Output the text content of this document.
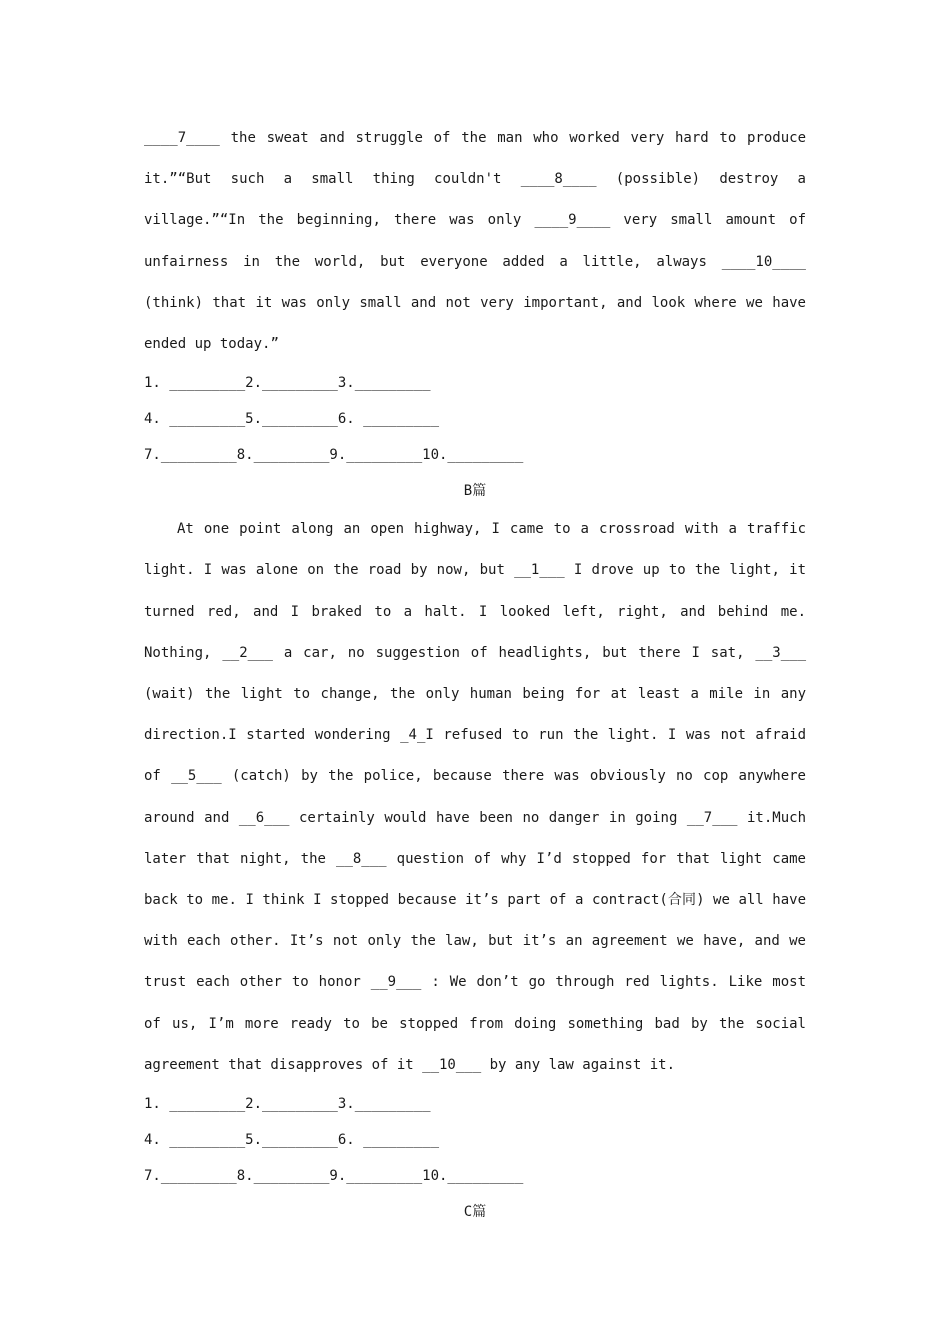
____7____ the sweat and struggle of the man who worked very hard to produce it.”“But such a small thing couldn't ____8____ (possible) destroy a village.”“In the beginning, there was only ____9____ very small amount of unfairness in the world, but everyone added a little, always ____10____ (think) that it was only small and not very important, and look where we have ended up today.”

1. _________2._________3._________

4. _________5._________6. _________

7._________8._________9._________10._________

B篇

At one point along an open highway, I came to a crossroad with a traffic light. I was alone on the road by now, but __1___ I drove up to the light, it turned red, and I braked to a halt. I looked left, right, and behind me. Nothing, __2___ a car, no suggestion of headlights, but there I sat, __3___ (wait) the light to change, the only human being for at least a mile in any direction.I started wondering _4_I refused to run the light. I was not afraid of __5___ (catch) by the police, because there was obviously no cop anywhere around and __6___ certainly would have been no danger in going __7___ it.Much later that night, the __8___ question of why I’d stopped for that light came back to me. I think I stopped because it’s part of a contract(合同) we all have with each other. It’s not only the law, but it’s an agreement we have, and we trust each other to honor __9___ : We don’t go through red lights. Like most of us, I’m more ready to be stopped from doing something bad by the social agreement that disapproves of it __10___ by any law against it.

1. _________2._________3._________

4. _________5._________6. _________

7._________8._________9._________10._________

C篇
